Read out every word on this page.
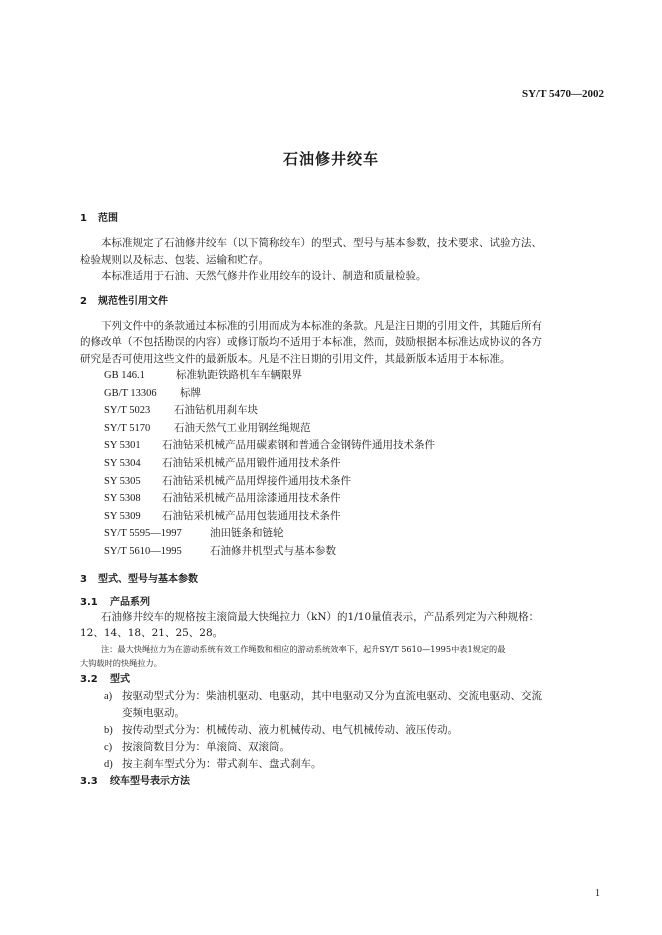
SY/T 5470—2002
石油修井绞车
1 范围
本标准规定了石油修井绞车（以下简称绞车）的型式、型号与基本参数，技术要求、试验方法、
检验规则以及标志、包装、运输和贮存。
本标准适用于石油、天然气修井作业用绞车的设计、制造和质量检验。
2 规范性引用文件
下列文件中的条款通过本标准的引用而成为本标准的条款。凡是注日期的引用文件，其随后所有
的修改单（不包括勘误的内容）或修订版均不适用于本标准，然而，鼓励根据本标准达成协议的各方
研究是否可使用这些文件的最新版本。凡是不注日期的引用文件，其最新版本适用于本标准。
GB 146.1	标准轨距铁路机车车辆限界
GB/T 13306 标牌
SY/T 5023 石油钻机用刹车块
SY/T 5170 石油天然气工业用钢丝绳规范
SY 5301 石油钻采机械产品用碳素钢和普通合金钢铸件通用技术条件
SY 5304 石油钻采机械产品用锻件通用技术条件
SY 5305 石油钻采机械产品用焊接件通用技术条件
SY 5308 石油钻采机械产品用涂漆通用技术条件
SY 5309 石油钻采机械产品用包装通用技术条件
SY/T 5595—1997	油田链条和链轮
SY/T 5610—1995	石油修井机型式与基本参数
3 型式、型号与基本参数
3.1 产品系列
石油修井绞车的规格按主滚筒最大快绳拉力（kN）的1/10量值表示，产品系列定为六种规格：
12、14、18、21、25、28。
注：最大快绳拉力为在游动系统有效工作绳数和相应的游动系统效率下，起升SY/T 5610—1995中表1规定的最
大钩载时的快绳拉力。
3.2 型式
a) 按驱动型式分为：柴油机驱动、电驱动，其中电驱动又分为直流电驱动、交流电驱动、交流
变频电驱动。
b) 按传动型式分为：机械传动、液力机械传动、电气机械传动、液压传动。
c) 按滚筒数目分为：单滚筒、双滚筒。
d) 按主刹车型式分为：带式刹车、盘式刹车。
3.3 绞车型号表示方法
1
